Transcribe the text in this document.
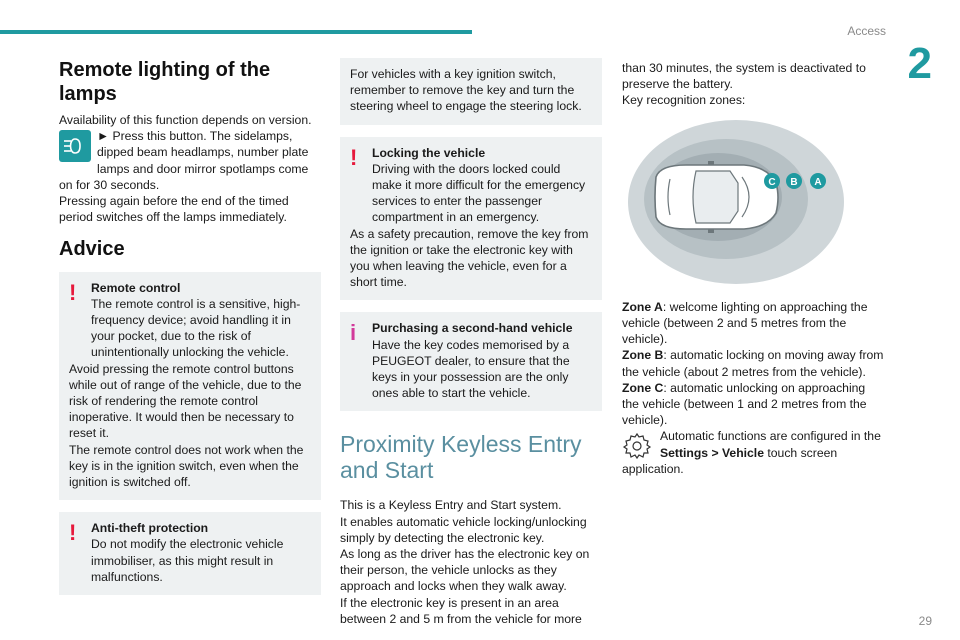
Access
2
29
Remote lighting of the lamps

Availability of this function depends on version.

► Press this button. The sidelamps, dipped beam headlamps, number plate lamps and door mirror spotlamps come on for 30 seconds.

Pressing again before the end of the timed period switches off the lamps immediately.

Advice
!	Remote control
The remote control is a sensitive, high-frequency device; avoid handling it in your pocket, due to the risk of unintentionally unlocking the vehicle.
Avoid pressing the remote control buttons while out of range of the vehicle, due to the risk of rendering the remote control inoperative. It would then be necessary to reset it.
The remote control does not work when the key is in the ignition switch, even when the ignition is switched off.
!	Anti-theft protection
Do not modify the electronic vehicle immobiliser, as this might result in malfunctions.
For vehicles with a key ignition switch, remember to remove the key and turn the steering wheel to engage the steering lock.
!	Locking the vehicle
Driving with the doors locked could make it more difficult for the emergency services to enter the passenger compartment in an emergency.
As a safety precaution, remove the key from the ignition or take the electronic key with you when leaving the vehicle, even for a short time.
i	Purchasing a second-hand vehicle
Have the key codes memorised by a PEUGEOT dealer, to ensure that the keys in your possession are the only ones able to start the vehicle.
Proximity Keyless Entry and Start

This is a Keyless Entry and Start system.

It enables automatic vehicle locking/unlocking simply by detecting the electronic key.

As long as the driver has the electronic key on their person, the vehicle unlocks as they approach and locks when they walk away.

If the electronic key is present in an area between 2 and 5 m from the vehicle for more

than 30 minutes, the system is deactivated to preserve the battery.

Key recognition zones:

C B A

Zone A: welcome lighting on approaching the vehicle (between 2 and 5 metres from the vehicle).

Zone B: automatic locking on moving away from the vehicle (about 2 metres from the vehicle).

Zone C: automatic unlocking on approaching the vehicle (between 1 and 2 metres from the vehicle).

Automatic functions are configured in the Settings > Vehicle touch screen application.
